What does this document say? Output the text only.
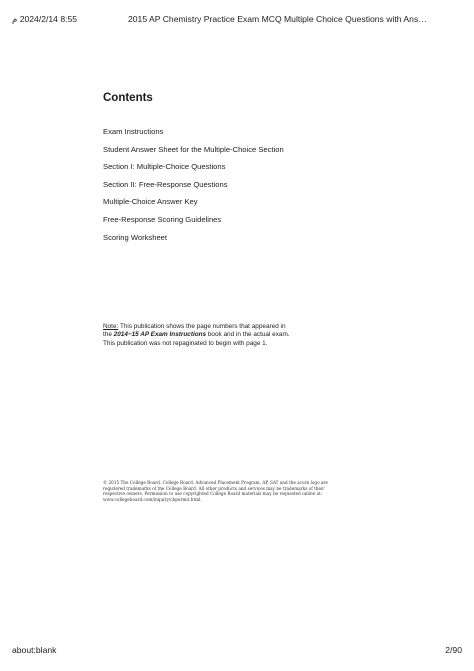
8:55 2024/2/14 م	2015 AP Chemistry Practice Exam MCQ Multiple Choice Questions with Ans…
Contents
Exam Instructions
Student Answer Sheet for the Multiple-Choice Section
Section I: Multiple-Choice Questions
Section II: Free-Response Questions
Multiple-Choice Answer Key
Free-Response Scoring Guidelines
Scoring Worksheet
Note: This publication shows the page numbers that appeared in
the 2014−15 AP Exam Instructions book and in the actual exam.
This publication was not repaginated to begin with page 1.
© 2015 The College Board. College Board, Advanced Placement Program, AP, SAT and the acorn logo are
registered trademarks of the College Board. All other products and services may be trademarks of their
respective owners. Permission to use copyrighted College Board materials may be requested online at:
www.collegeboard.com/inquiry/cbpermit.html.
about:blank	2/90
